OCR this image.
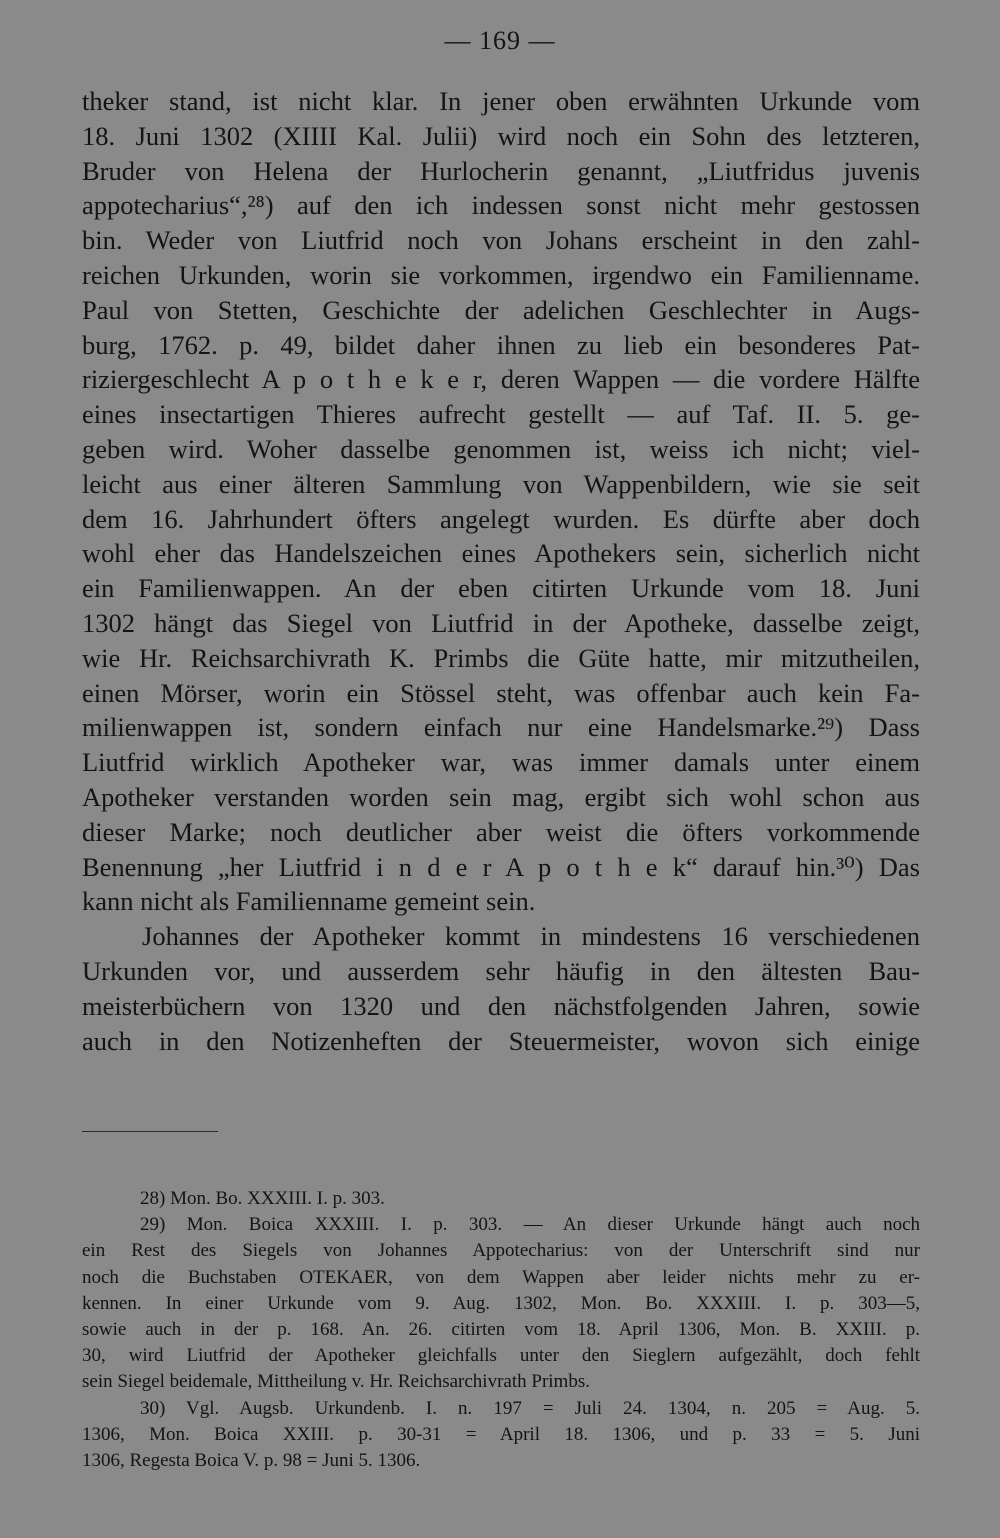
— 169 —
theker stand, ist nicht klar. In jener oben erwähnten Urkunde vom
18. Juni 1302 (XIIII Kal. Julii) wird noch ein Sohn des letzteren,
Bruder von Helena der Hurlocherin genannt, „Liutfridus juvenis
appotecharius“,²⁸) auf den ich indessen sonst nicht mehr gestossen
bin. Weder von Liutfrid noch von Johans erscheint in den zahl-
reichen Urkunden, worin sie vorkommen, irgendwo ein Familienname.
Paul von Stetten, Geschichte der adelichen Geschlechter in Augs-
burg, 1762. p. 49, bildet daher ihnen zu lieb ein besonderes Pat-
riziergeschlecht A p o t h e k e r, deren Wappen — die vordere Hälfte
eines insectartigen Thieres aufrecht gestellt — auf Taf. II. 5. ge-
geben wird. Woher dasselbe genommen ist, weiss ich nicht; viel-
leicht aus einer älteren Sammlung von Wappenbildern, wie sie seit
dem 16. Jahrhundert öfters angelegt wurden. Es dürfte aber doch
wohl eher das Handelszeichen eines Apothekers sein, sicherlich nicht
ein Familienwappen. An der eben citirten Urkunde vom 18. Juni
1302 hängt das Siegel von Liutfrid in der Apotheke, dasselbe zeigt,
wie Hr. Reichsarchivrath K. Primbs die Güte hatte, mir mitzutheilen,
einen Mörser, worin ein Stössel steht, was offenbar auch kein Fa-
milienwappen ist, sondern einfach nur eine Handelsmarke.²⁹) Dass
Liutfrid wirklich Apotheker war, was immer damals unter einem
Apotheker verstanden worden sein mag, ergibt sich wohl schon aus
dieser Marke; noch deutlicher aber weist die öfters vorkommende
Benennung „her Liutfrid i n d e r A p o t h e k“ darauf hin.³⁰) Das
kann nicht als Familienname gemeint sein.
Johannes der Apotheker kommt in mindestens 16 verschiedenen
Urkunden vor, und ausserdem sehr häufig in den ältesten Bau-
meisterbüchern von 1320 und den nächstfolgenden Jahren, sowie
auch in den Notizenheften der Steuermeister, wovon sich einige
28) Mon. Bo. XXXIII. I. p. 303.
29) Mon. Boica XXXIII. I. p. 303. — An dieser Urkunde hängt auch noch
ein Rest des Siegels von Johannes Appotecharius: von der Unterschrift sind nur
noch die Buchstaben OTEKAER, von dem Wappen aber leider nichts mehr zu er-
kennen. In einer Urkunde vom 9. Aug. 1302, Mon. Bo. XXXIII. I. p. 303—5,
sowie auch in der p. 168. An. 26. citirten vom 18. April 1306, Mon. B. XXIII. p.
30, wird Liutfrid der Apotheker gleichfalls unter den Sieglern aufgezählt, doch fehlt
sein Siegel beidemale, Mittheilung v. Hr. Reichsarchivrath Primbs.
30) Vgl. Augsb. Urkundenb. I. n. 197 = Juli 24. 1304, n. 205 = Aug. 5.
1306, Mon. Boica XXIII. p. 30-31 = April 18. 1306, und p. 33 = 5. Juni
1306, Regesta Boica V. p. 98 = Juni 5. 1306.
